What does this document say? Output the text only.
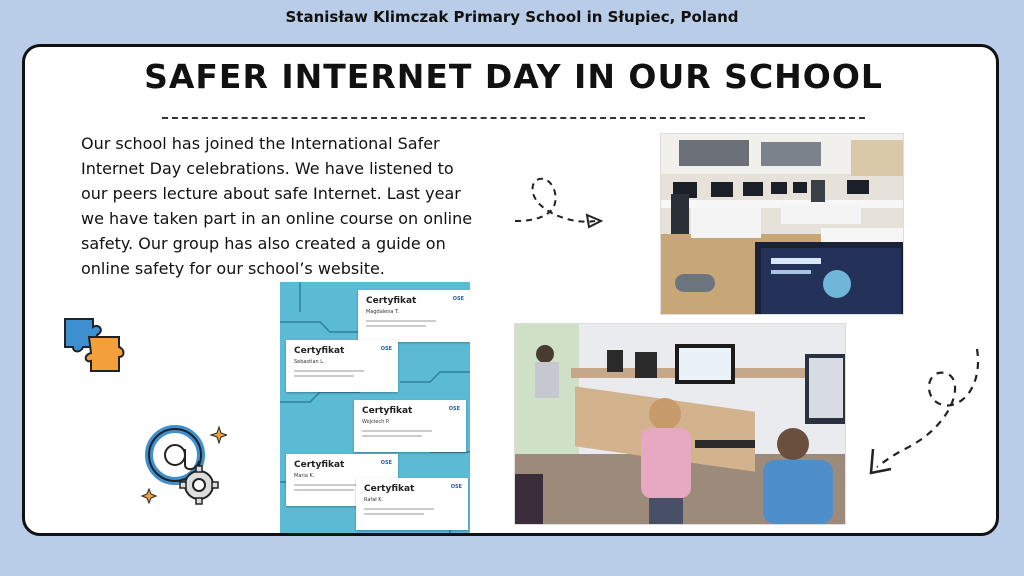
Stanisław Klimczak Primary School in Słupiec, Poland
SAFER INTERNET DAY IN OUR SCHOOL
Our school has joined the International Safer Internet Day celebrations. We have listened to our peers lecture about safe Internet. Last year we have taken part in an online course on online safety. Our group has also created a guide on online safety for our school’s website.
OSE
Certyfikat
Magdalena T.
OSE
Certyfikat
Sebastian L.
OSE
Certyfikat
Wojciech P.
OSE
Certyfikat
Maria K.
OSE
Certyfikat
Rafał K.
